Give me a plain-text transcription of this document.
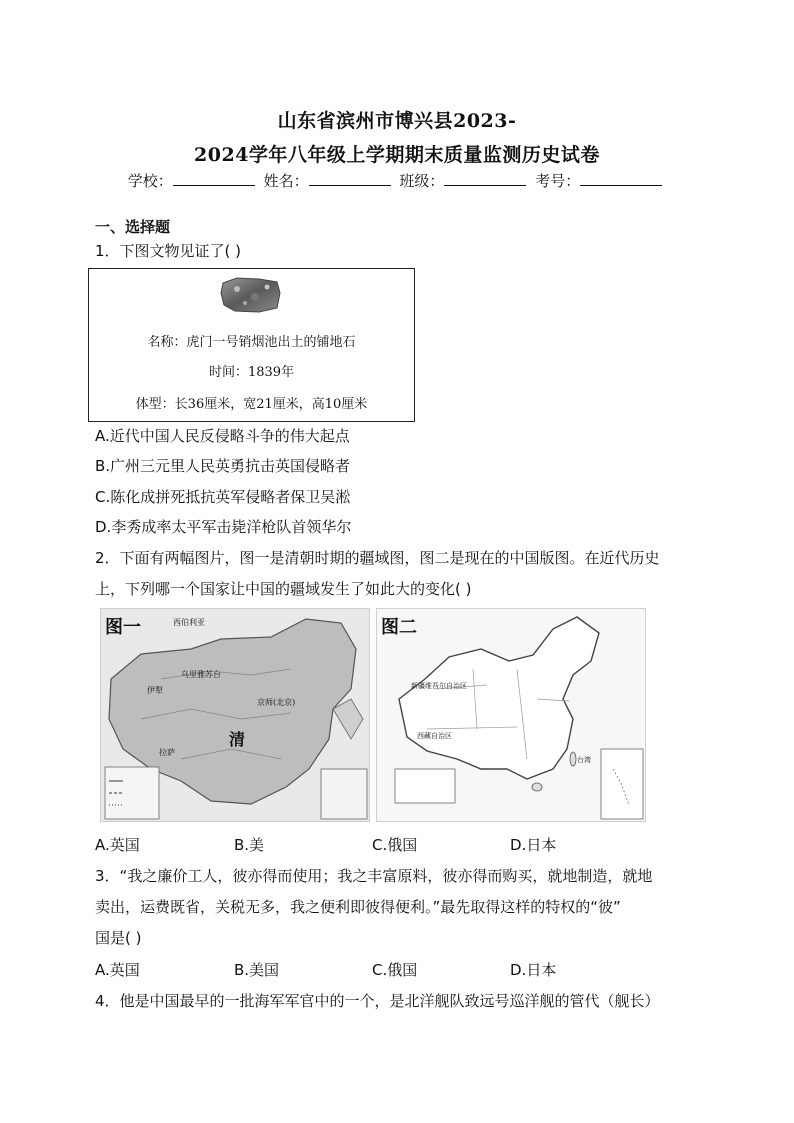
山东省滨州市博兴县2023-
2024学年八年级上学期期末质量监测历史试卷
学校：	姓名：	班级：	考号：
一、选择题
1．下图文物见证了( )
名称：虎门一号销烟池出土的铺地石
时间：1839年
体型：长36厘米，宽21厘米，高10厘米
A.近代中国人民反侵略斗争的伟大起点
B.广州三元里人民英勇抗击英国侵略者
C.陈化成拼死抵抗英军侵略者保卫吴淞
D.李秀成率太平军击毙洋枪队首领华尔
2．下面有两幅图片，图一是清朝时期的疆域图，图二是现在的中国版图。在近代历史
上，下列哪一个国家让中国的疆域发生了如此大的变化( )
图一	西伯利亚
乌里雅苏台
京师(北京)
清
伊犁
拉萨
图二
新疆维吾尔自治区
西藏自治区
台湾
A.英国	B.美	C.俄国	D.日本
3．“我之廉价工人，彼亦得而使用；我之丰富原料，彼亦得而购买，就地制造，就地
卖出，运费既省，关税无多，我之便利即彼得便利。”最先取得这样的特权的“彼”
国是( )
A.英国	B.美国	C.俄国	D.日本
4．他是中国最早的一批海军军官中的一个，是北洋舰队致远号巡洋舰的管代（舰长）
